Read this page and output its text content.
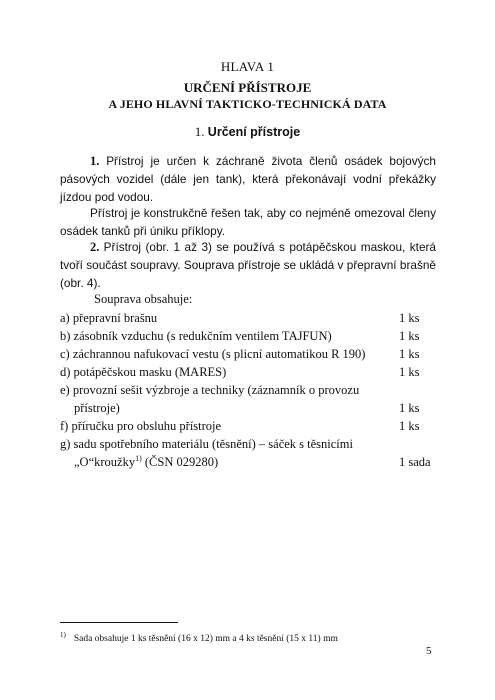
HLAVA 1
URČENÍ PŘÍSTROJE
A JEHO HLAVNÍ TAKTICKO-TECHNICKÁ DATA
1. Určení přístroje
1. Přístroj je určen k záchraně života členů osádek bojových pásových vozidel (dále jen tank), která překonávají vodní překážky jízdou pod vodou.
Přístroj je konstrukčně řešen tak, aby co nejméně omezoval členy osádek tanků při úniku příklopy.
2. Přístroj (obr. 1 až 3) se používá s potápěčskou maskou, která tvoří součást soupravy. Souprava přístroje se ukládá v přepravní brašně (obr. 4).
Souprava obsahuje:
a) přepravní brašnu	1 ks
b) zásobník vzduchu (s redukčním ventilem TAJFUN)	1 ks
c) záchrannou nafukovací vestu (s plicní automatikou R 190)	1 ks
d) potápěčskou masku (MARES)	1 ks
e) provozní sešit výzbroje a techniky (záznamník o provozu
přístroje)	1 ks
f) příručku pro obsluhu přístroje	1 ks
g) sadu spotřebního materiálu (těsnění) – sáček s těsnicími
„O“kroužky$^{1)}$ (ČSN 029280)	1 sada
$^{1)}$ Sada obsahuje 1 ks těsnění (16 x 12) mm a 4 ks těsnění (15 x 11) mm
5
